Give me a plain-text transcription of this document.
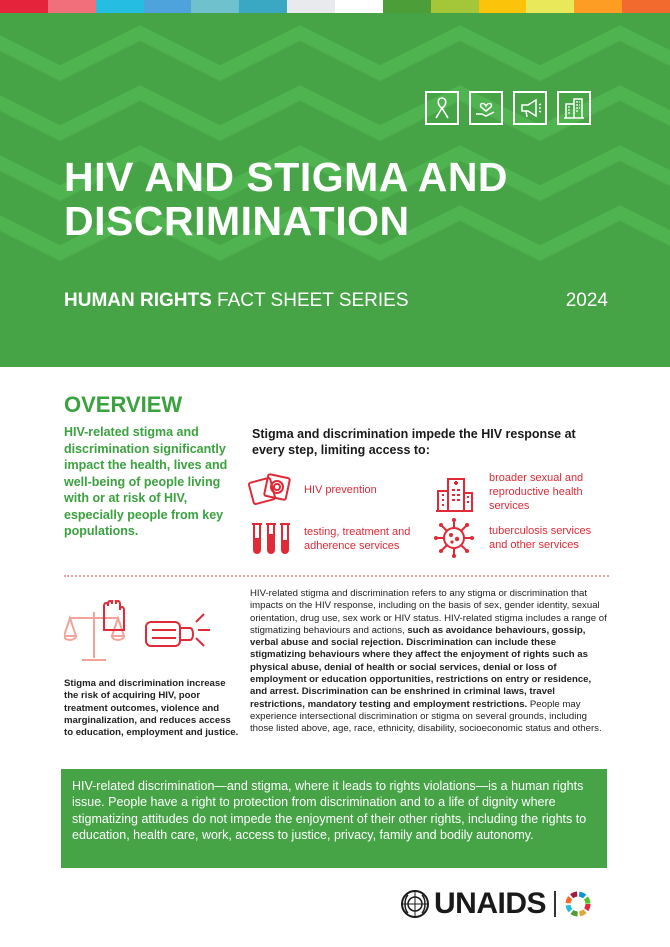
HIV AND STIGMA AND DISCRIMINATION
HUMAN RIGHTS FACT SHEET SERIES	2024
OVERVIEW
HIV-related stigma and discrimination significantly impact the health, lives and well-being of people living with or at risk of HIV, especially people from key populations.
Stigma and discrimination impede the HIV response at every step, limiting access to:
HIV prevention
broader sexual and reproductive health services
testing, treatment and adherence services
tuberculosis services and other services
Stigma and discrimination increase the risk of acquiring HIV, poor treatment outcomes, violence and marginalization, and reduces access to education, employment and justice.
HIV-related stigma and discrimination refers to any stigma or discrimination that impacts on the HIV response, including on the basis of sex, gender identity, sexual orientation, drug use, sex work or HIV status. HIV-related stigma includes a range of stigmatizing behaviours and actions, such as avoidance behaviours, gossip, verbal abuse and social rejection. Discrimination can include these stigmatizing behaviours where they affect the enjoyment of rights such as physical abuse, denial of health or social services, denial or loss of employment or education opportunities, restrictions on entry or residence, and arrest. Discrimination can be enshrined in criminal laws, travel restrictions, mandatory testing and employment restrictions. People may experience intersectional discrimination or stigma on several grounds, including those listed above, age, race, ethnicity, disability, socioeconomic status and others.
HIV-related discrimination—and stigma, where it leads to rights violations—is a human rights issue. People have a right to protection from discrimination and to a life of dignity where stigmatizing attitudes do not impede the enjoyment of their other rights, including the rights to education, health care, work, access to justice, privacy, family and bodily autonomy.
UNAIDS
